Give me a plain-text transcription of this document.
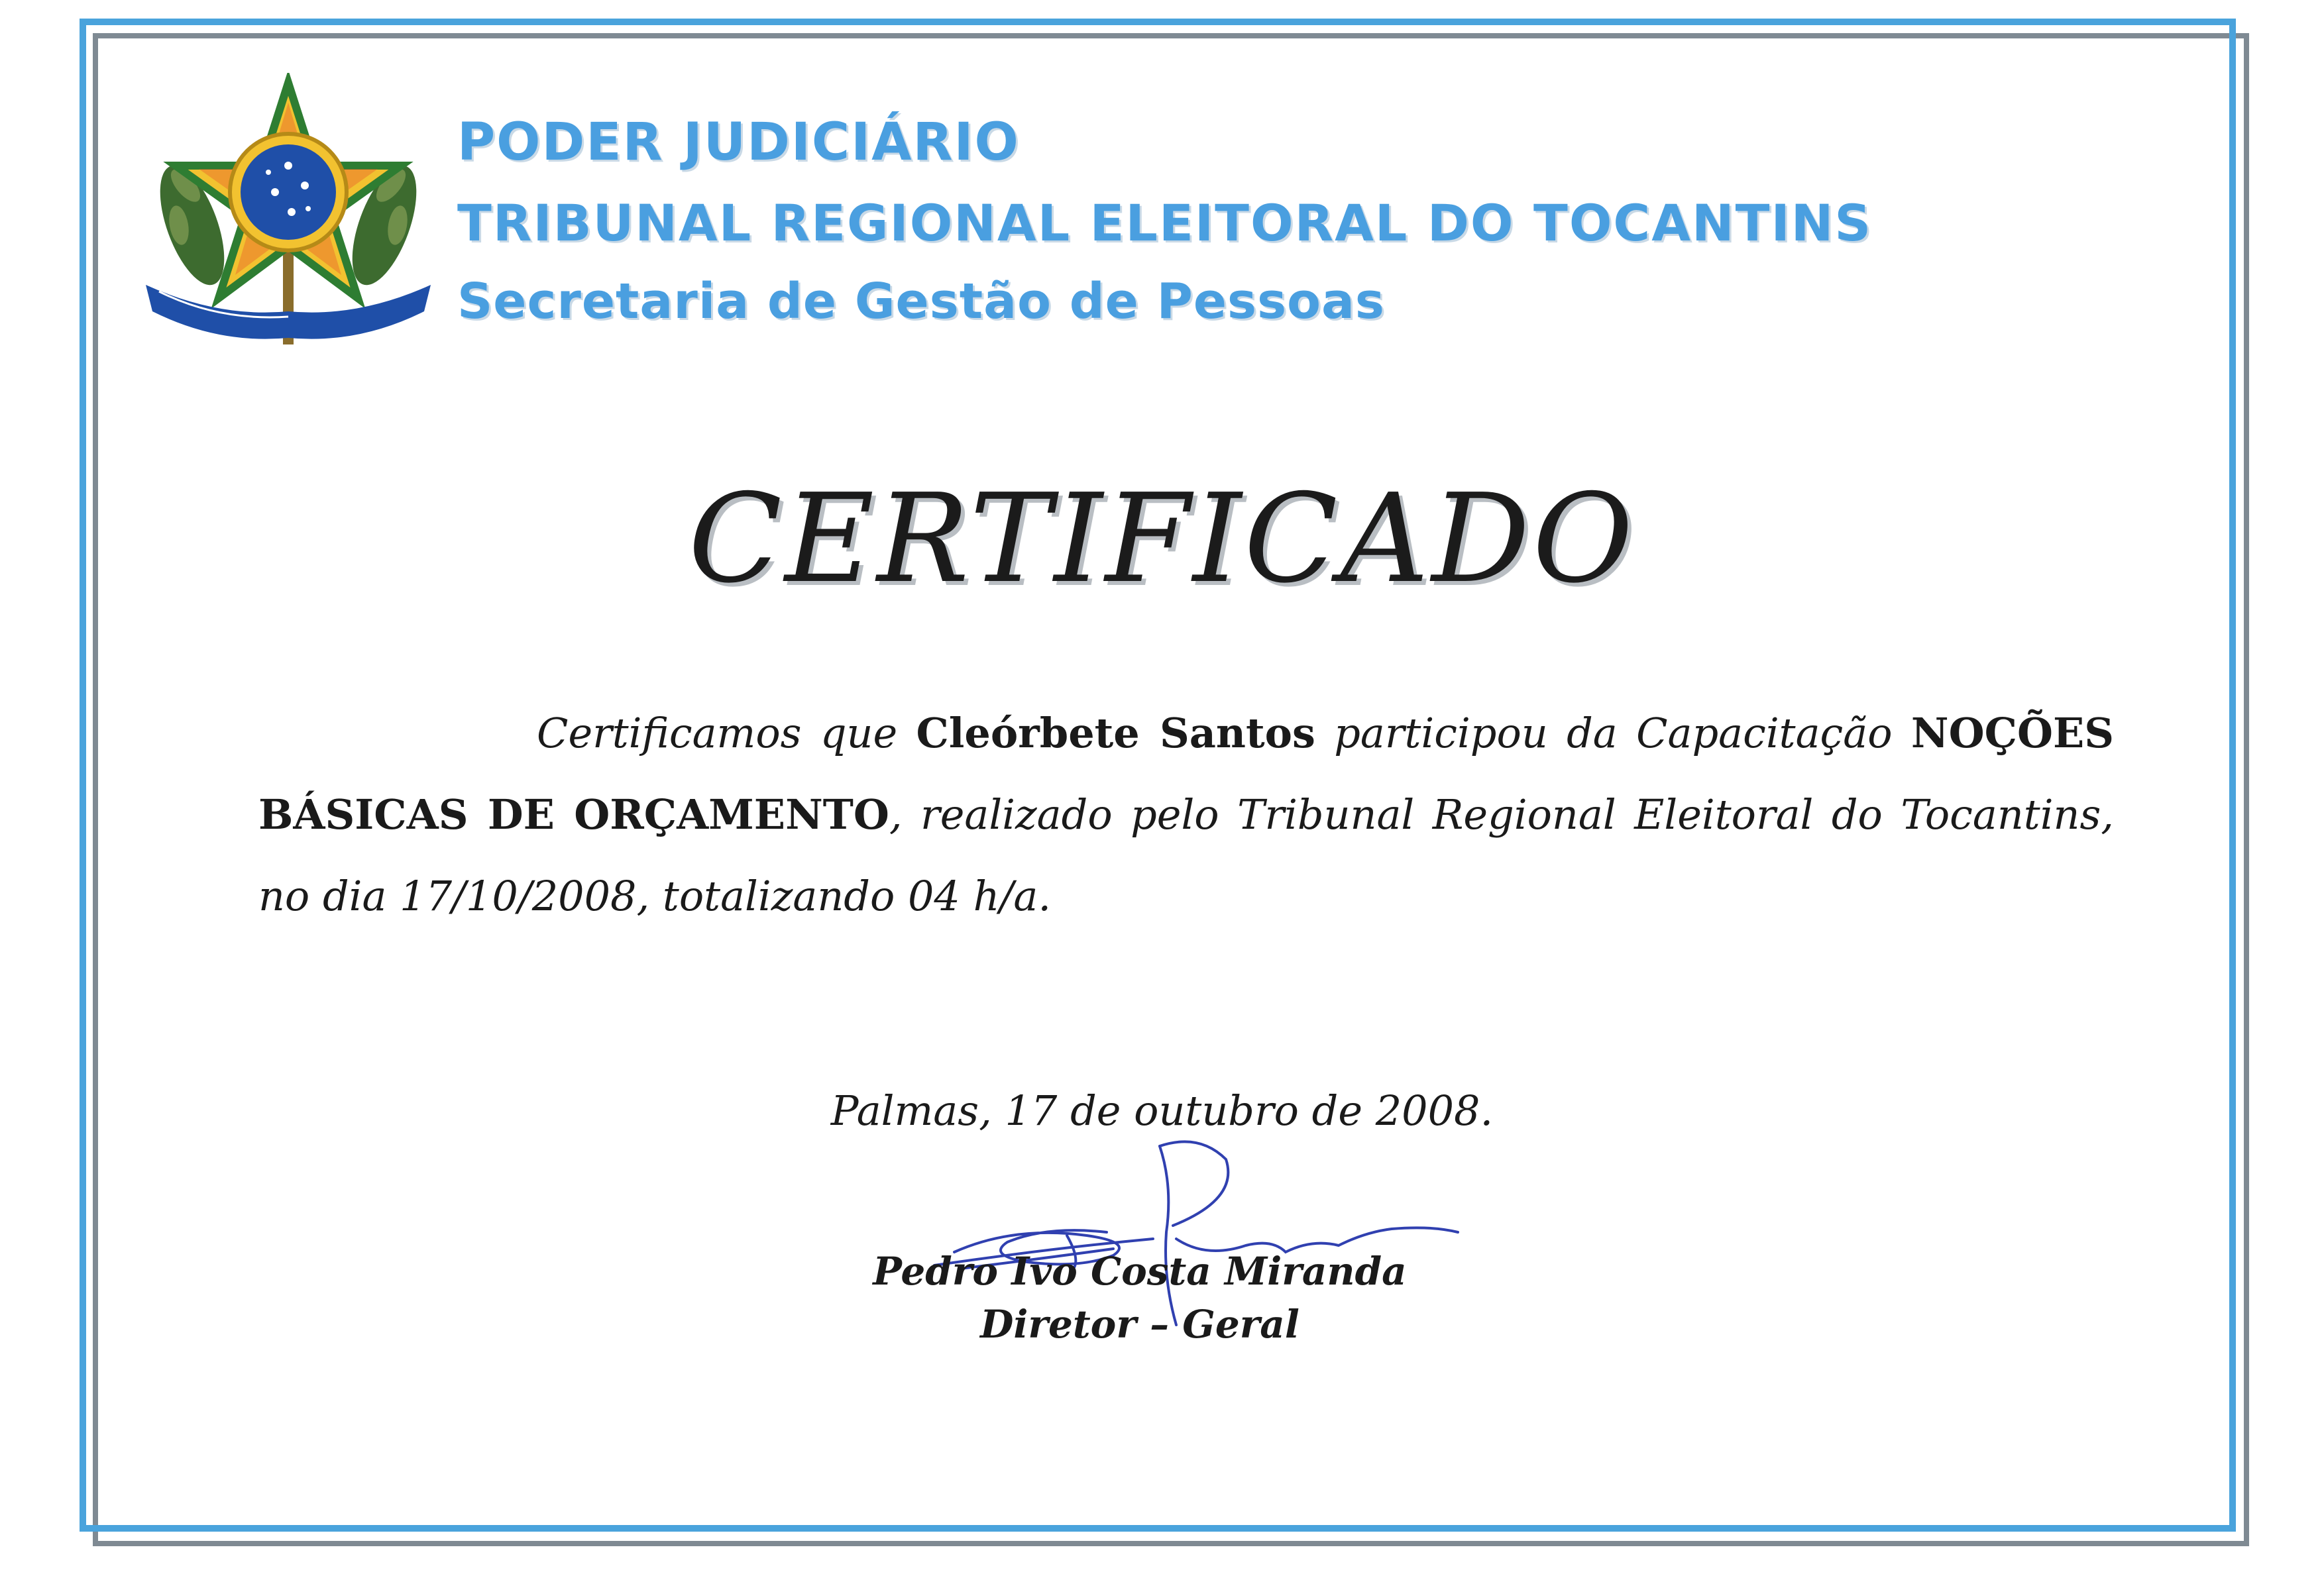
PODER JUDICIÁRIO
TRIBUNAL REGIONAL ELEITORAL DO TOCANTINS
Secretaria de Gestão de Pessoas
CERTIFICADO
Certificamos que Cleórbete Santos participou da Capacitação NOÇÕES BÁSICAS DE ORÇAMENTO, realizado pelo Tribunal Regional Eleitoral do Tocantins, no dia 17/10/2008, totalizando 04 h/a.
Palmas, 17 de outubro de 2008.
Pedro Ivo Costa Miranda
Diretor – Geral
